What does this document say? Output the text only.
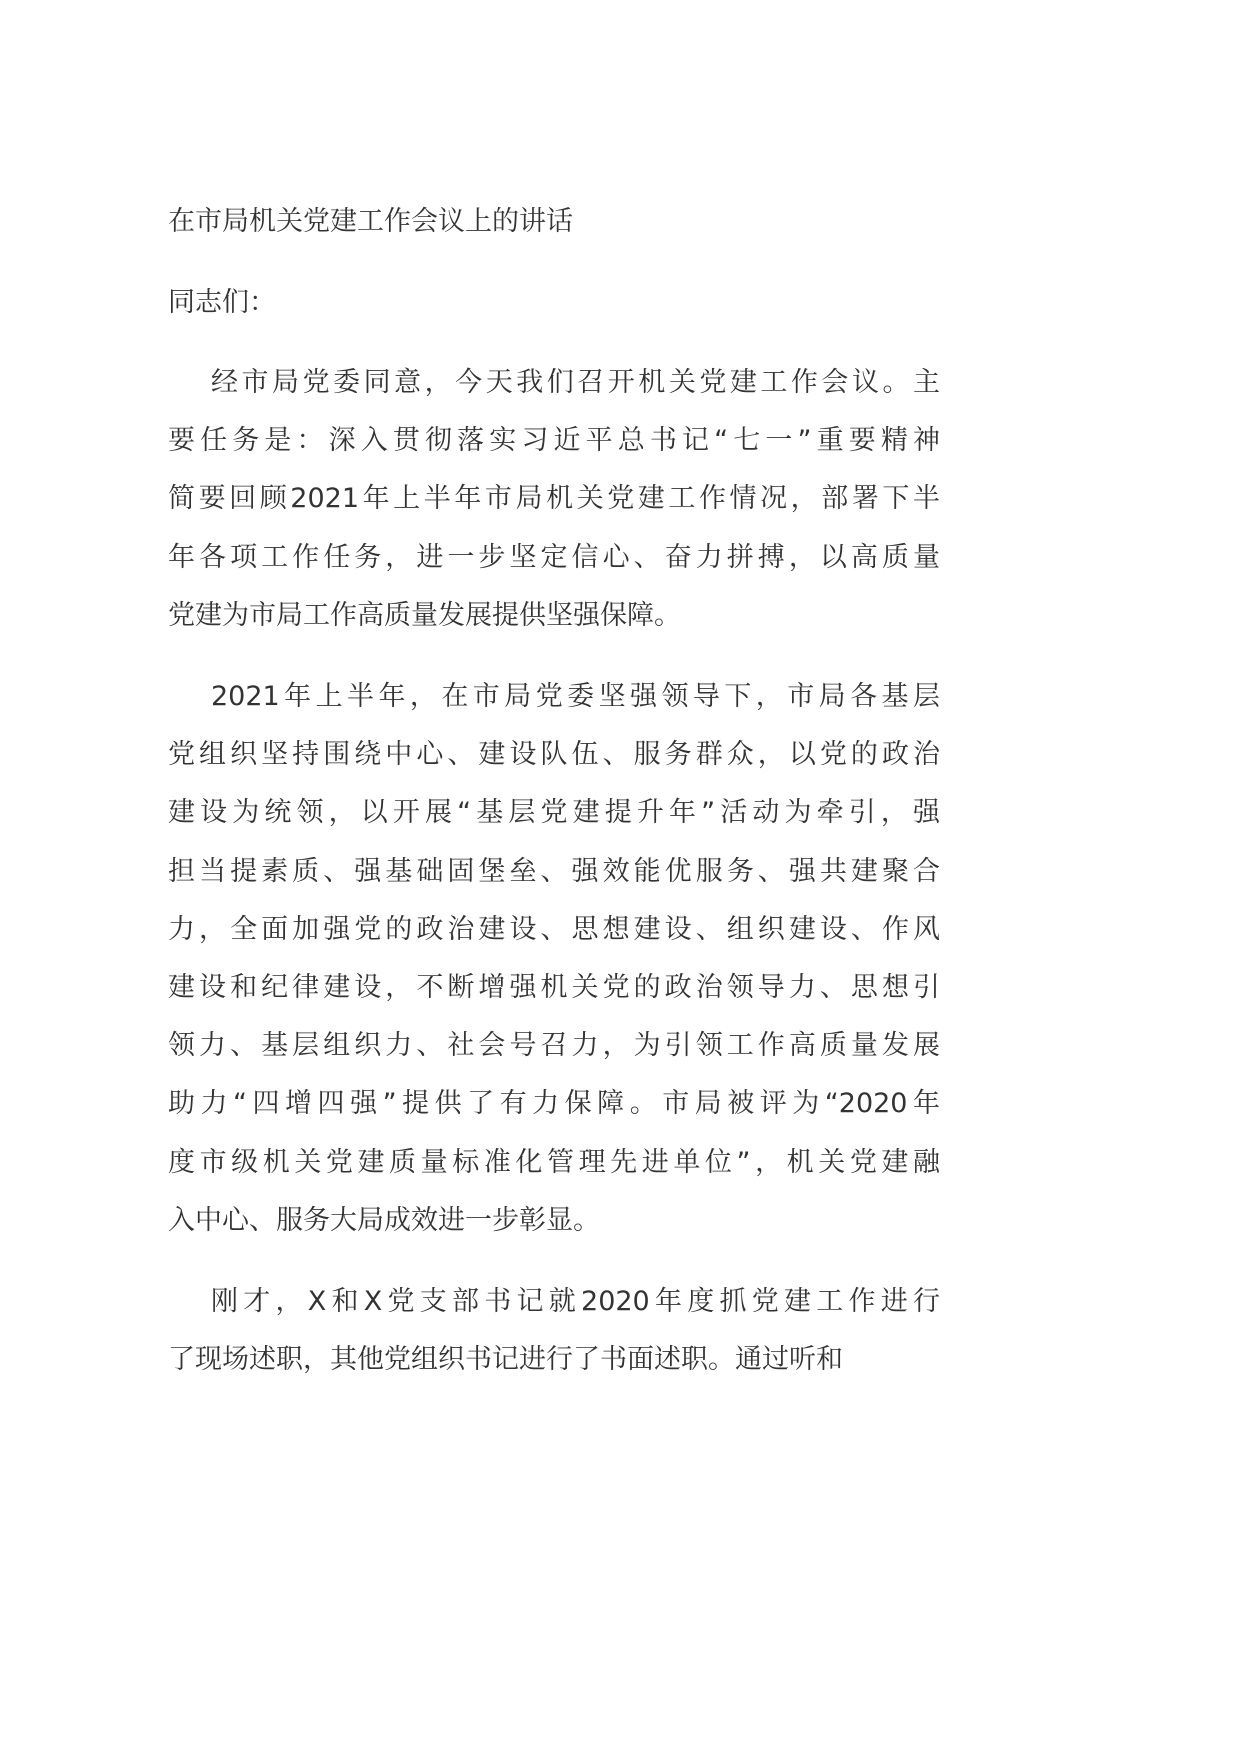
在市局机关党建工作会议上的讲话
同志们：
经市局党委同意，今天我们召开机关党建工作会议。主
要任务是：深入贯彻落实习近平总书记“七一”重要精神
简要回顾2021年上半年市局机关党建工作情况，部署下半
年各项工作任务，进一步坚定信心、奋力拼搏，以高质量
党建为市局工作高质量发展提供坚强保障。
2021年上半年，在市局党委坚强领导下，市局各基层
党组织坚持围绕中心、建设队伍、服务群众，以党的政治
建设为统领，以开展“基层党建提升年”活动为牵引，强
担当提素质、强基础固堡垒、强效能优服务、强共建聚合
力，全面加强党的政治建设、思想建设、组织建设、作风
建设和纪律建设，不断增强机关党的政治领导力、思想引
领力、基层组织力、社会号召力，为引领工作高质量发展
助力“四增四强”提供了有力保障。市局被评为“2020年
度市级机关党建质量标准化管理先进单位”，机关党建融
入中心、服务大局成效进一步彰显。
刚才，X和X党支部书记就2020年度抓党建工作进行
了现场述职，其他党组织书记进行了书面述职。通过听和
